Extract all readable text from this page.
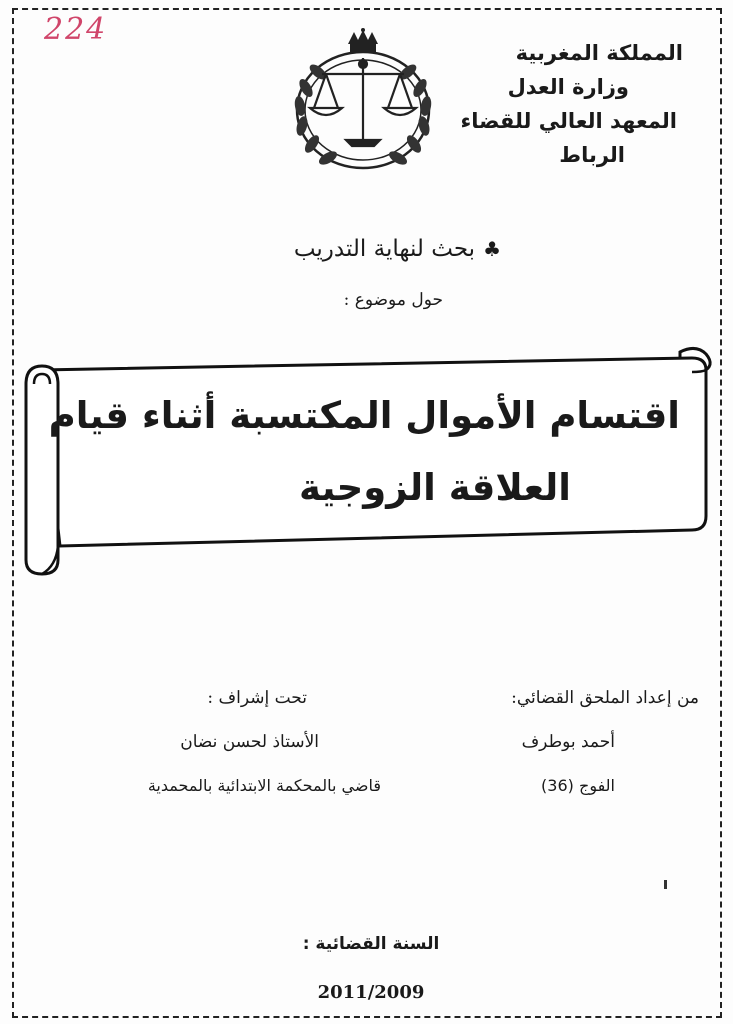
224
المملكة المغربية
وزارة العدل
المعهد العالي للقضاء
الرباط
♣بحث لنهاية التدريب
حول موضوع :
اقتسام الأموال المكتسبة أثناء قيام
العلاقة الزوجية
من إعداد الملحق القضائي:
أحمد بوطرف
الفوج (36)
تحت إشراف :
الأستاذ لحسن نضان
قاضي بالمحكمة الابتدائية بالمحمدية
السنة القضائية :
2011/2009
